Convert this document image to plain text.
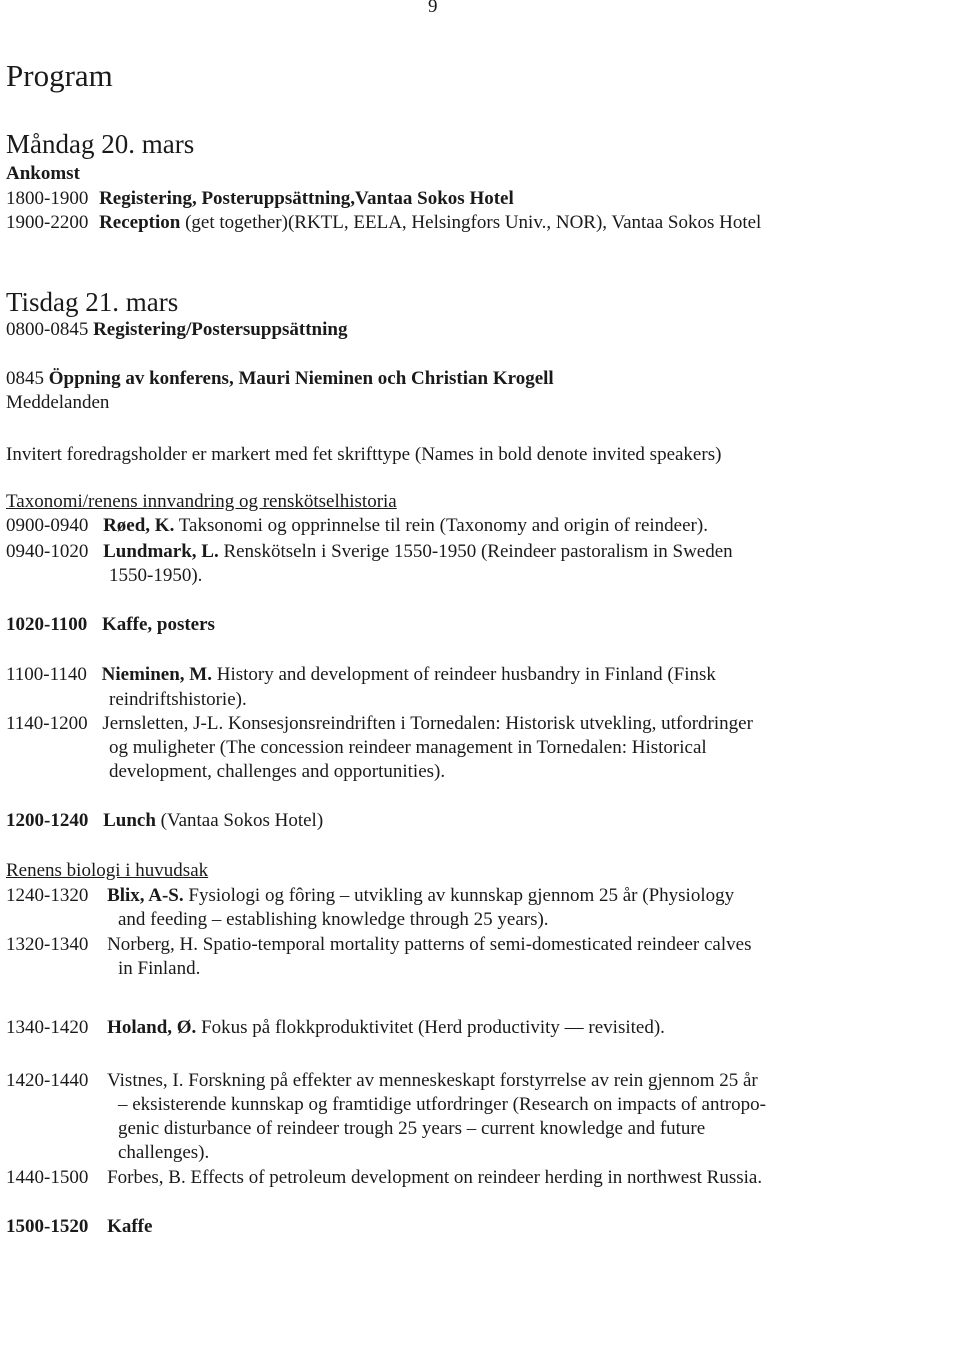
9
Program
Måndag 20. mars
Ankomst
1800-1900 Registering, Posteruppsättning,Vantaa Sokos Hotel
1900-2200 Reception (get together)(RKTL, EELA, Helsingfors Univ., NOR), Vantaa Sokos Hotel
Tisdag 21. mars
0800-0845 Registering/Postersuppsättning
0845 Öppning av konferens, Mauri Nieminen och Christian Krogell
Meddelanden
Invitert foredragsholder er markert med fet skrifttype (Names in bold denote invited speakers)
Taxonomi/renens innvandring og renskötselhistoria
0900-0940 Røed, K. Taksonomi og opprinnelse til rein (Taxonomy and origin of reindeer).
0940-1020 Lundmark, L. Renskötseln i Sverige 1550-1950 (Reindeer pastoralism in Sweden
1550-1950).
1020-1100 Kaffe, posters
1100-1140 Nieminen, M. History and development of reindeer husbandry in Finland (Finsk
reindriftshistorie).
1140-1200 Jernsletten, J-L. Konsesjonsreindriften i Tornedalen: Historisk utvekling, utfordringer
og muligheter (The concession reindeer management in Tornedalen: Historical
development, challenges and opportunities).
1200-1240 Lunch (Vantaa Sokos Hotel)
Renens biologi i huvudsak
1240-1320 Blix, A-S. Fysiologi og fôring – utvikling av kunnskap gjennom 25 år (Physiology
and feeding – establishing knowledge through 25 years).
1320-1340 Norberg, H. Spatio-temporal mortality patterns of semi-domesticated reindeer calves
in Finland.
1340-1420 Holand, Ø. Fokus på flokkproduktivitet (Herd productivity — revisited).
1420-1440 Vistnes, I. Forskning på effekter av menneskeskapt forstyrrelse av rein gjennom 25 år
– eksisterende kunnskap og framtidige utfordringer (Research on impacts of antropo-
genic disturbance of reindeer trough 25 years – current knowledge and future
challenges).
1440-1500 Forbes, B. Effects of petroleum development on reindeer herding in northwest Russia.
1500-1520 Kaffe
